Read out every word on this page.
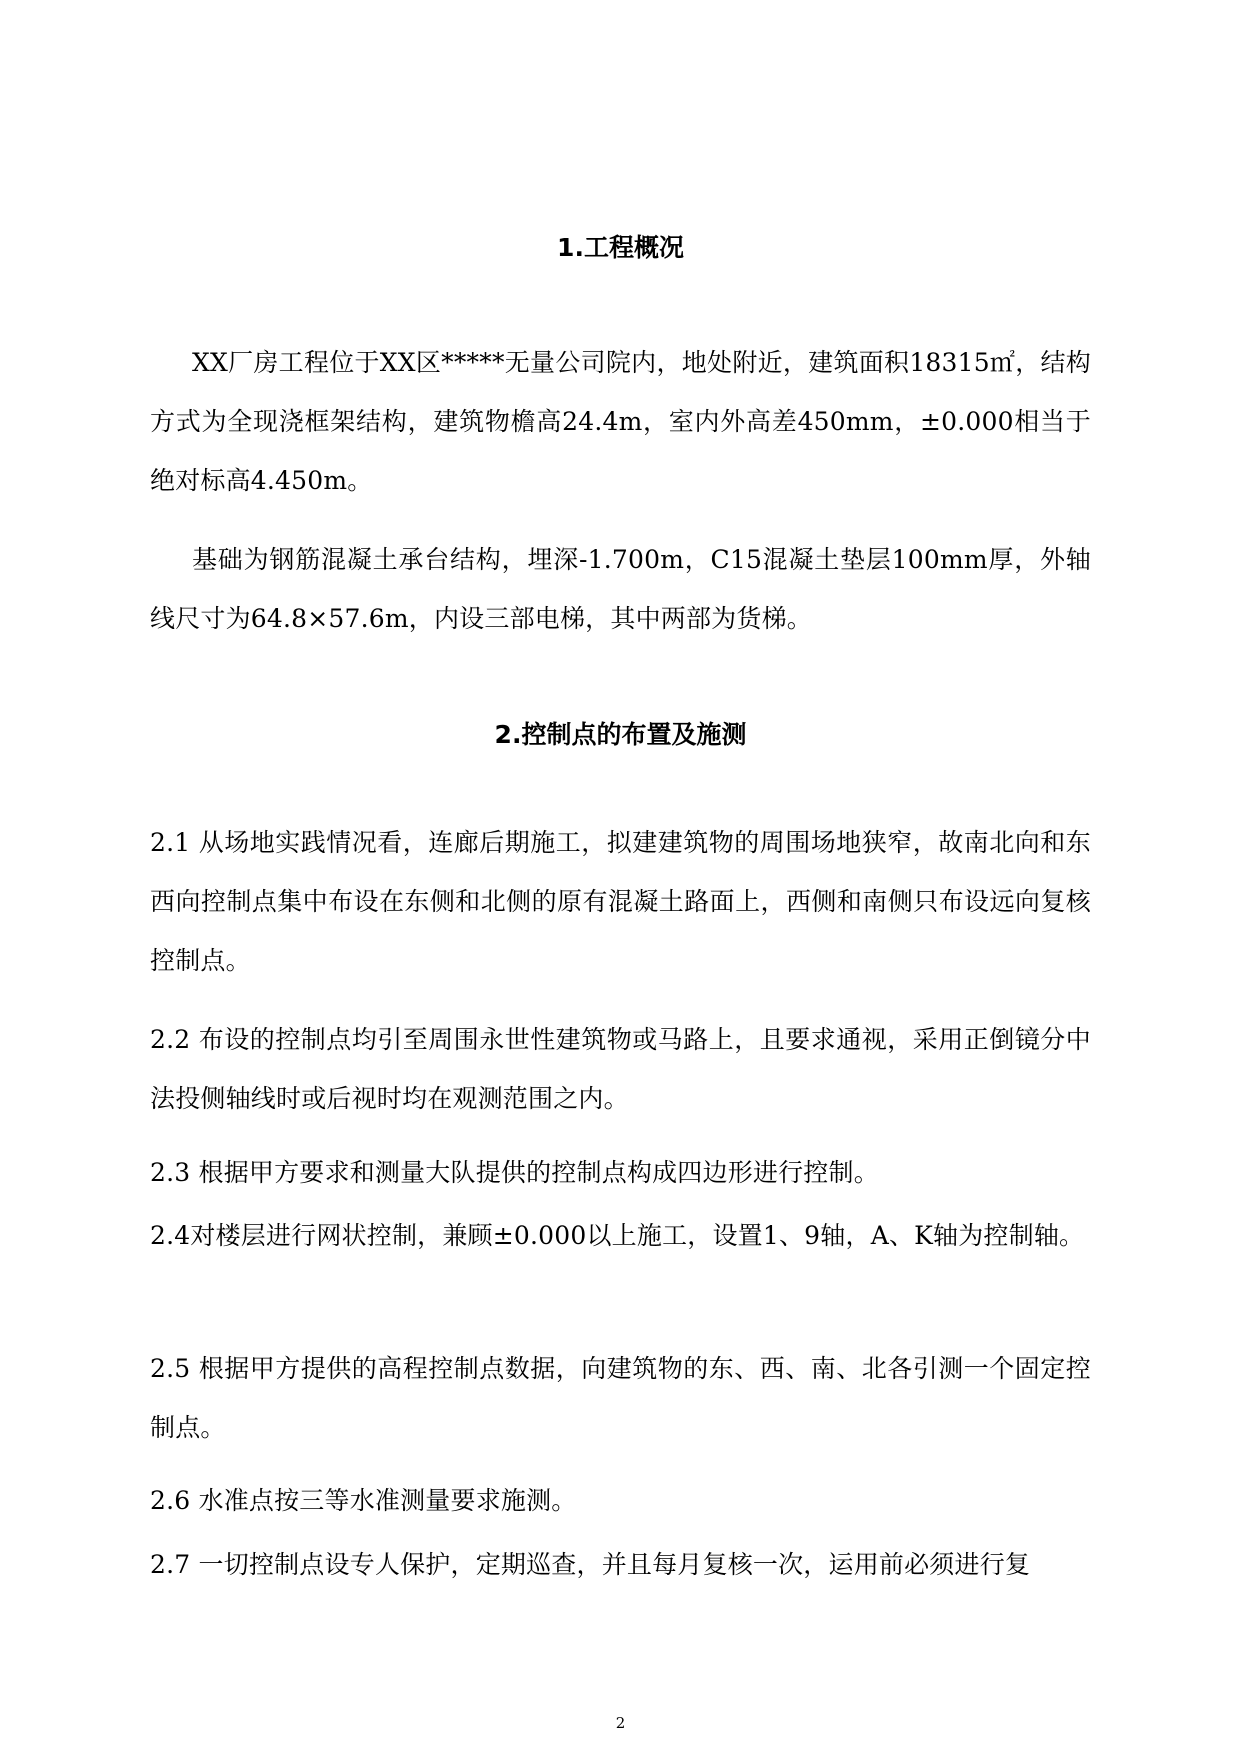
1.工程概况

XX厂房工程位于XX区*****无量公司院内，地处附近，建筑面积18315㎡，结构方式为全现浇框架结构，建筑物檐高24.4m，室内外高差450mm，±0.000相当于绝对标高4.450m。

基础为钢筋混凝土承台结构，埋深-1.700m，C15混凝土垫层100mm厚，外轴线尺寸为64.8×57.6m，内设三部电梯，其中两部为货梯。

2.控制点的布置及施测

2.1 从场地实践情况看，连廊后期施工，拟建建筑物的周围场地狭窄，故南北向和东西向控制点集中布设在东侧和北侧的原有混凝土路面上，西侧和南侧只布设远向复核控制点。

2.2 布设的控制点均引至周围永世性建筑物或马路上，且要求通视，采用正倒镜分中法投侧轴线时或后视时均在观测范围之内。

2.3 根据甲方要求和测量大队提供的控制点构成四边形进行控制。

2.4对楼层进行网状控制，兼顾±0.000以上施工，设置1、9轴，A、K轴为控制轴。

2.5 根据甲方提供的高程控制点数据，向建筑物的东、西、南、北各引测一个固定控制点。

2.6 水准点按三等水准测量要求施测。

2.7 一切控制点设专人保护，定期巡查，并且每月复核一次，运用前必须进行复

2
